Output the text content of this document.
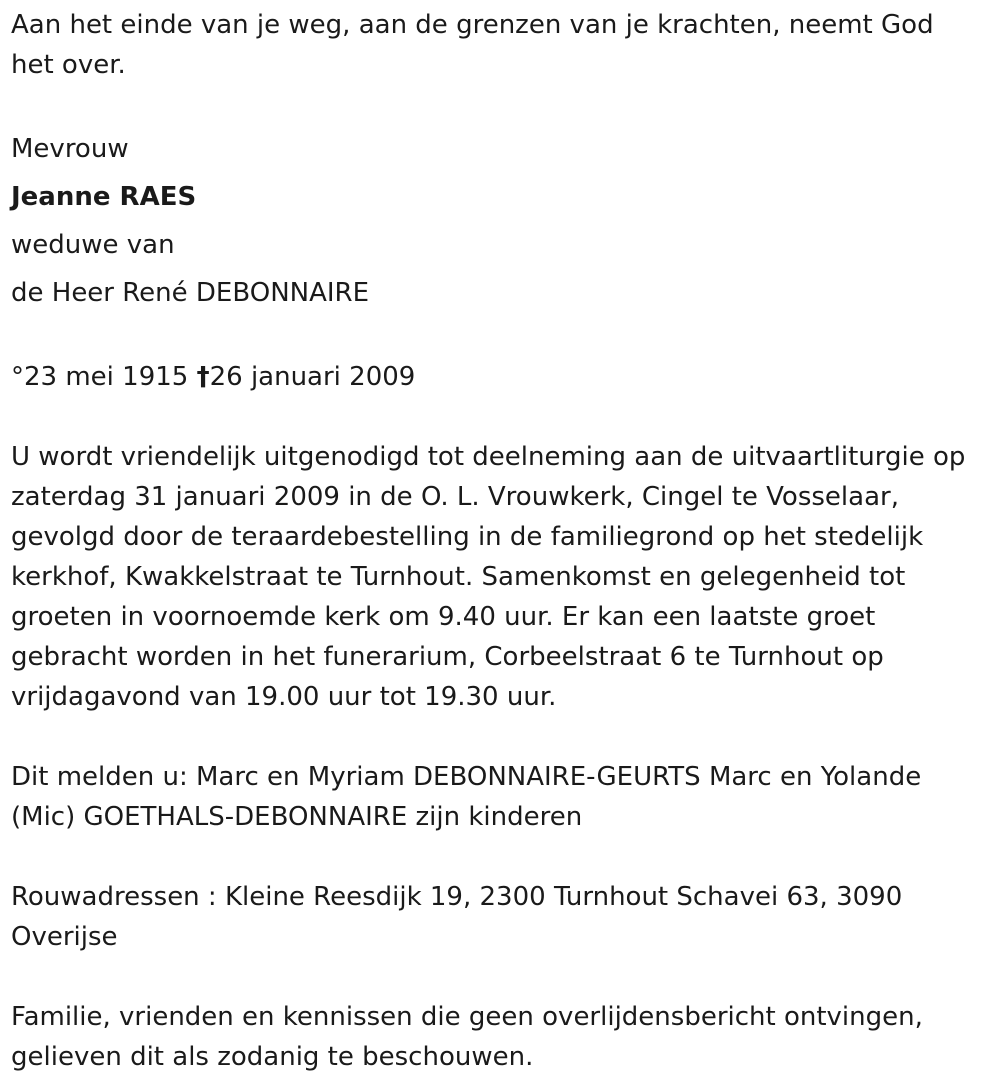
Aan het einde van je weg, aan de grenzen van je krachten, neemt God het over.

Mevrouw

Jeanne RAES

weduwe van

de Heer René DEBONNAIRE

°23 mei 1915 †26 januari 2009

U wordt vriendelijk uitgenodigd tot deelneming aan de uitvaartliturgie op zaterdag 31 januari 2009 in de O. L. Vrouwkerk, Cingel te Vosselaar, gevolgd door de teraardebestelling in de familiegrond op het stedelijk kerkhof, Kwakkelstraat te Turnhout. Samenkomst en gelegenheid tot groeten in voornoemde kerk om 9.40 uur. Er kan een laatste groet gebracht worden in het funerarium, Corbeelstraat 6 te Turnhout op vrijdagavond van 19.00 uur tot 19.30 uur.

Dit melden u: Marc en Myriam DEBONNAIRE-GEURTS Marc en Yolande (Mic) GOETHALS-DEBONNAIRE zijn kinderen

Rouwadressen : Kleine Reesdijk 19, 2300 Turnhout Schavei 63, 3090 Overijse

Familie, vrienden en kennissen die geen overlijdensbericht ontvingen, gelieven dit als zodanig te beschouwen.
